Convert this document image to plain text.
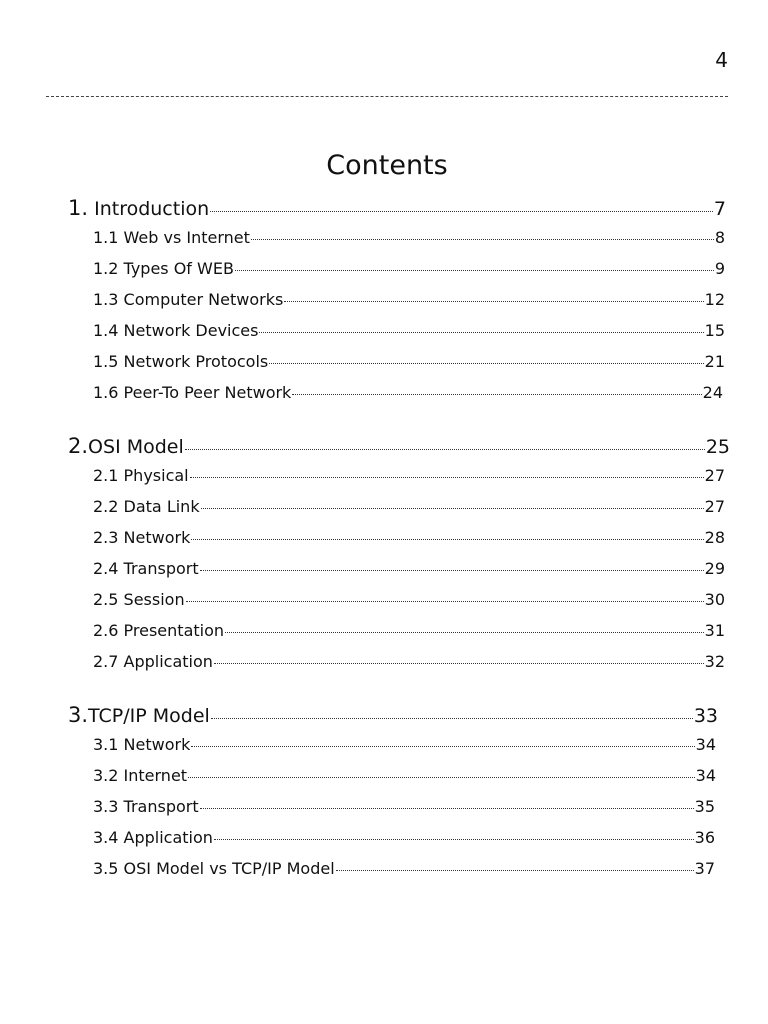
4
Contents
1. Introduction	7
1.1 Web vs Internet	8
1.2 Types Of WEB	9
1.3 Computer Networks	12
1.4 Network Devices	15
1.5 Network Protocols	21
1.6 Peer-To Peer Network	24
2.OSI Model	25
2.1 Physical	27
2.2 Data Link	27
2.3 Network	28
2.4 Transport	29
2.5 Session	30
2.6 Presentation	31
2.7 Application	32
3.TCP/IP Model	33
3.1 Network	34
3.2 Internet	34
3.3 Transport	35
3.4 Application	36
3.5 OSI Model vs TCP/IP Model	37
